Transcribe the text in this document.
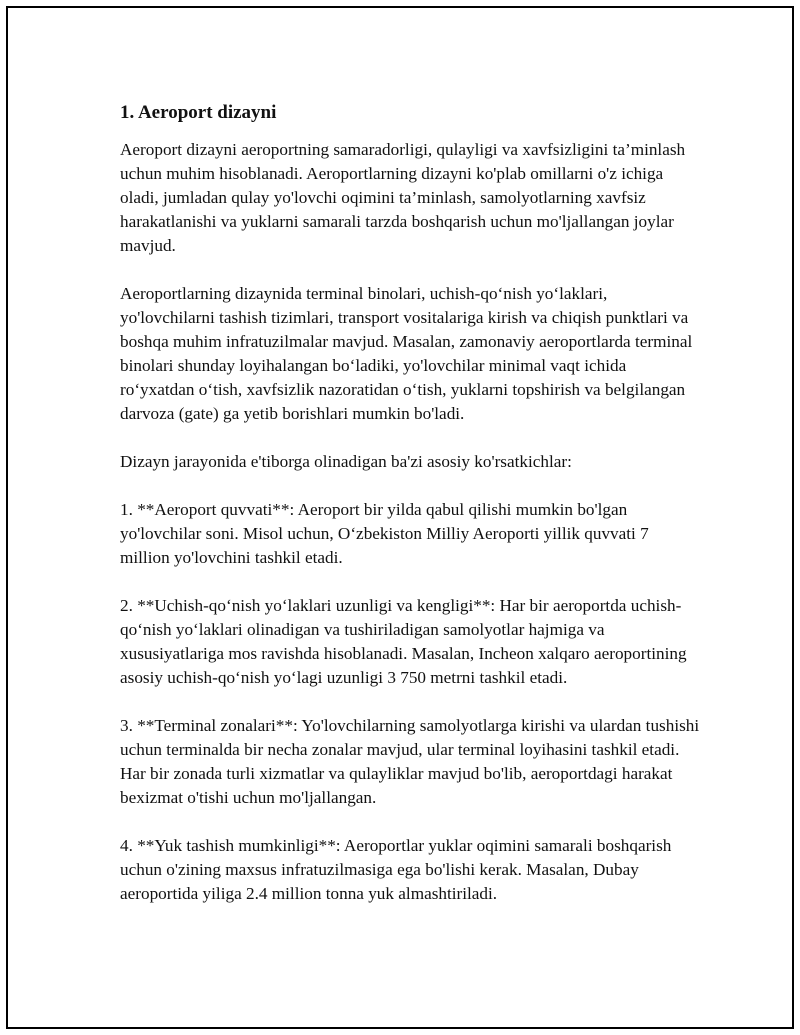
1. Aeroport dizayni

Aeroport dizayni aeroportning samaradorligi, qulayligi va xavfsizligini ta’minlash uchun muhim hisoblanadi. Aeroportlarning dizayni ko'plab omillarni o'z ichiga oladi, jumladan qulay yo'lovchi oqimini ta’minlash, samolyotlarning xavfsiz harakatlanishi va yuklarni samarali tarzda boshqarish uchun mo'ljallangan joylar mavjud.

Aeroportlarning dizaynida terminal binolari, uchish-qo‘nish yo‘laklari, yo'lovchilarni tashish tizimlari, transport vositalariga kirish va chiqish punktlari va boshqa muhim infratuzilmalar mavjud. Masalan, zamonaviy aeroportlarda terminal binolari shunday loyihalangan bo‘ladiki, yo'lovchilar minimal vaqt ichida ro‘yxatdan o‘tish, xavfsizlik nazoratidan o‘tish, yuklarni topshirish va belgilangan darvoza (gate) ga yetib borishlari mumkin bo'ladi.

Dizayn jarayonida e'tiborga olinadigan ba'zi asosiy ko'rsatkichlar:

1. **Aeroport quvvati**: Aeroport bir yilda qabul qilishi mumkin bo'lgan yo'lovchilar soni. Misol uchun, O‘zbekiston Milliy Aeroporti yillik quvvati 7 million yo'lovchini tashkil etadi.

2. **Uchish-qo‘nish yo‘laklari uzunligi va kengligi**: Har bir aeroportda uchish-qo‘nish yo‘laklari olinadigan va tushiriladigan samolyotlar hajmiga va xususiyatlariga mos ravishda hisoblanadi. Masalan, Incheon xalqaro aeroportining asosiy uchish-qo‘nish yo‘lagi uzunligi 3 750 metrni tashkil etadi.

3. **Terminal zonalari**: Yo'lovchilarning samolyotlarga kirishi va ulardan tushishi uchun terminalda bir necha zonalar mavjud, ular terminal loyihasini tashkil etadi. Har bir zonada turli xizmatlar va qulayliklar mavjud bo'lib, aeroportdagi harakat bexizmat o'tishi uchun mo'ljallangan.

4. **Yuk tashish mumkinligi**: Aeroportlar yuklar oqimini samarali boshqarish uchun o'zining maxsus infratuzilmasiga ega bo'lishi kerak. Masalan, Dubay aeroportida yiliga 2.4 million tonna yuk almashtiriladi.
